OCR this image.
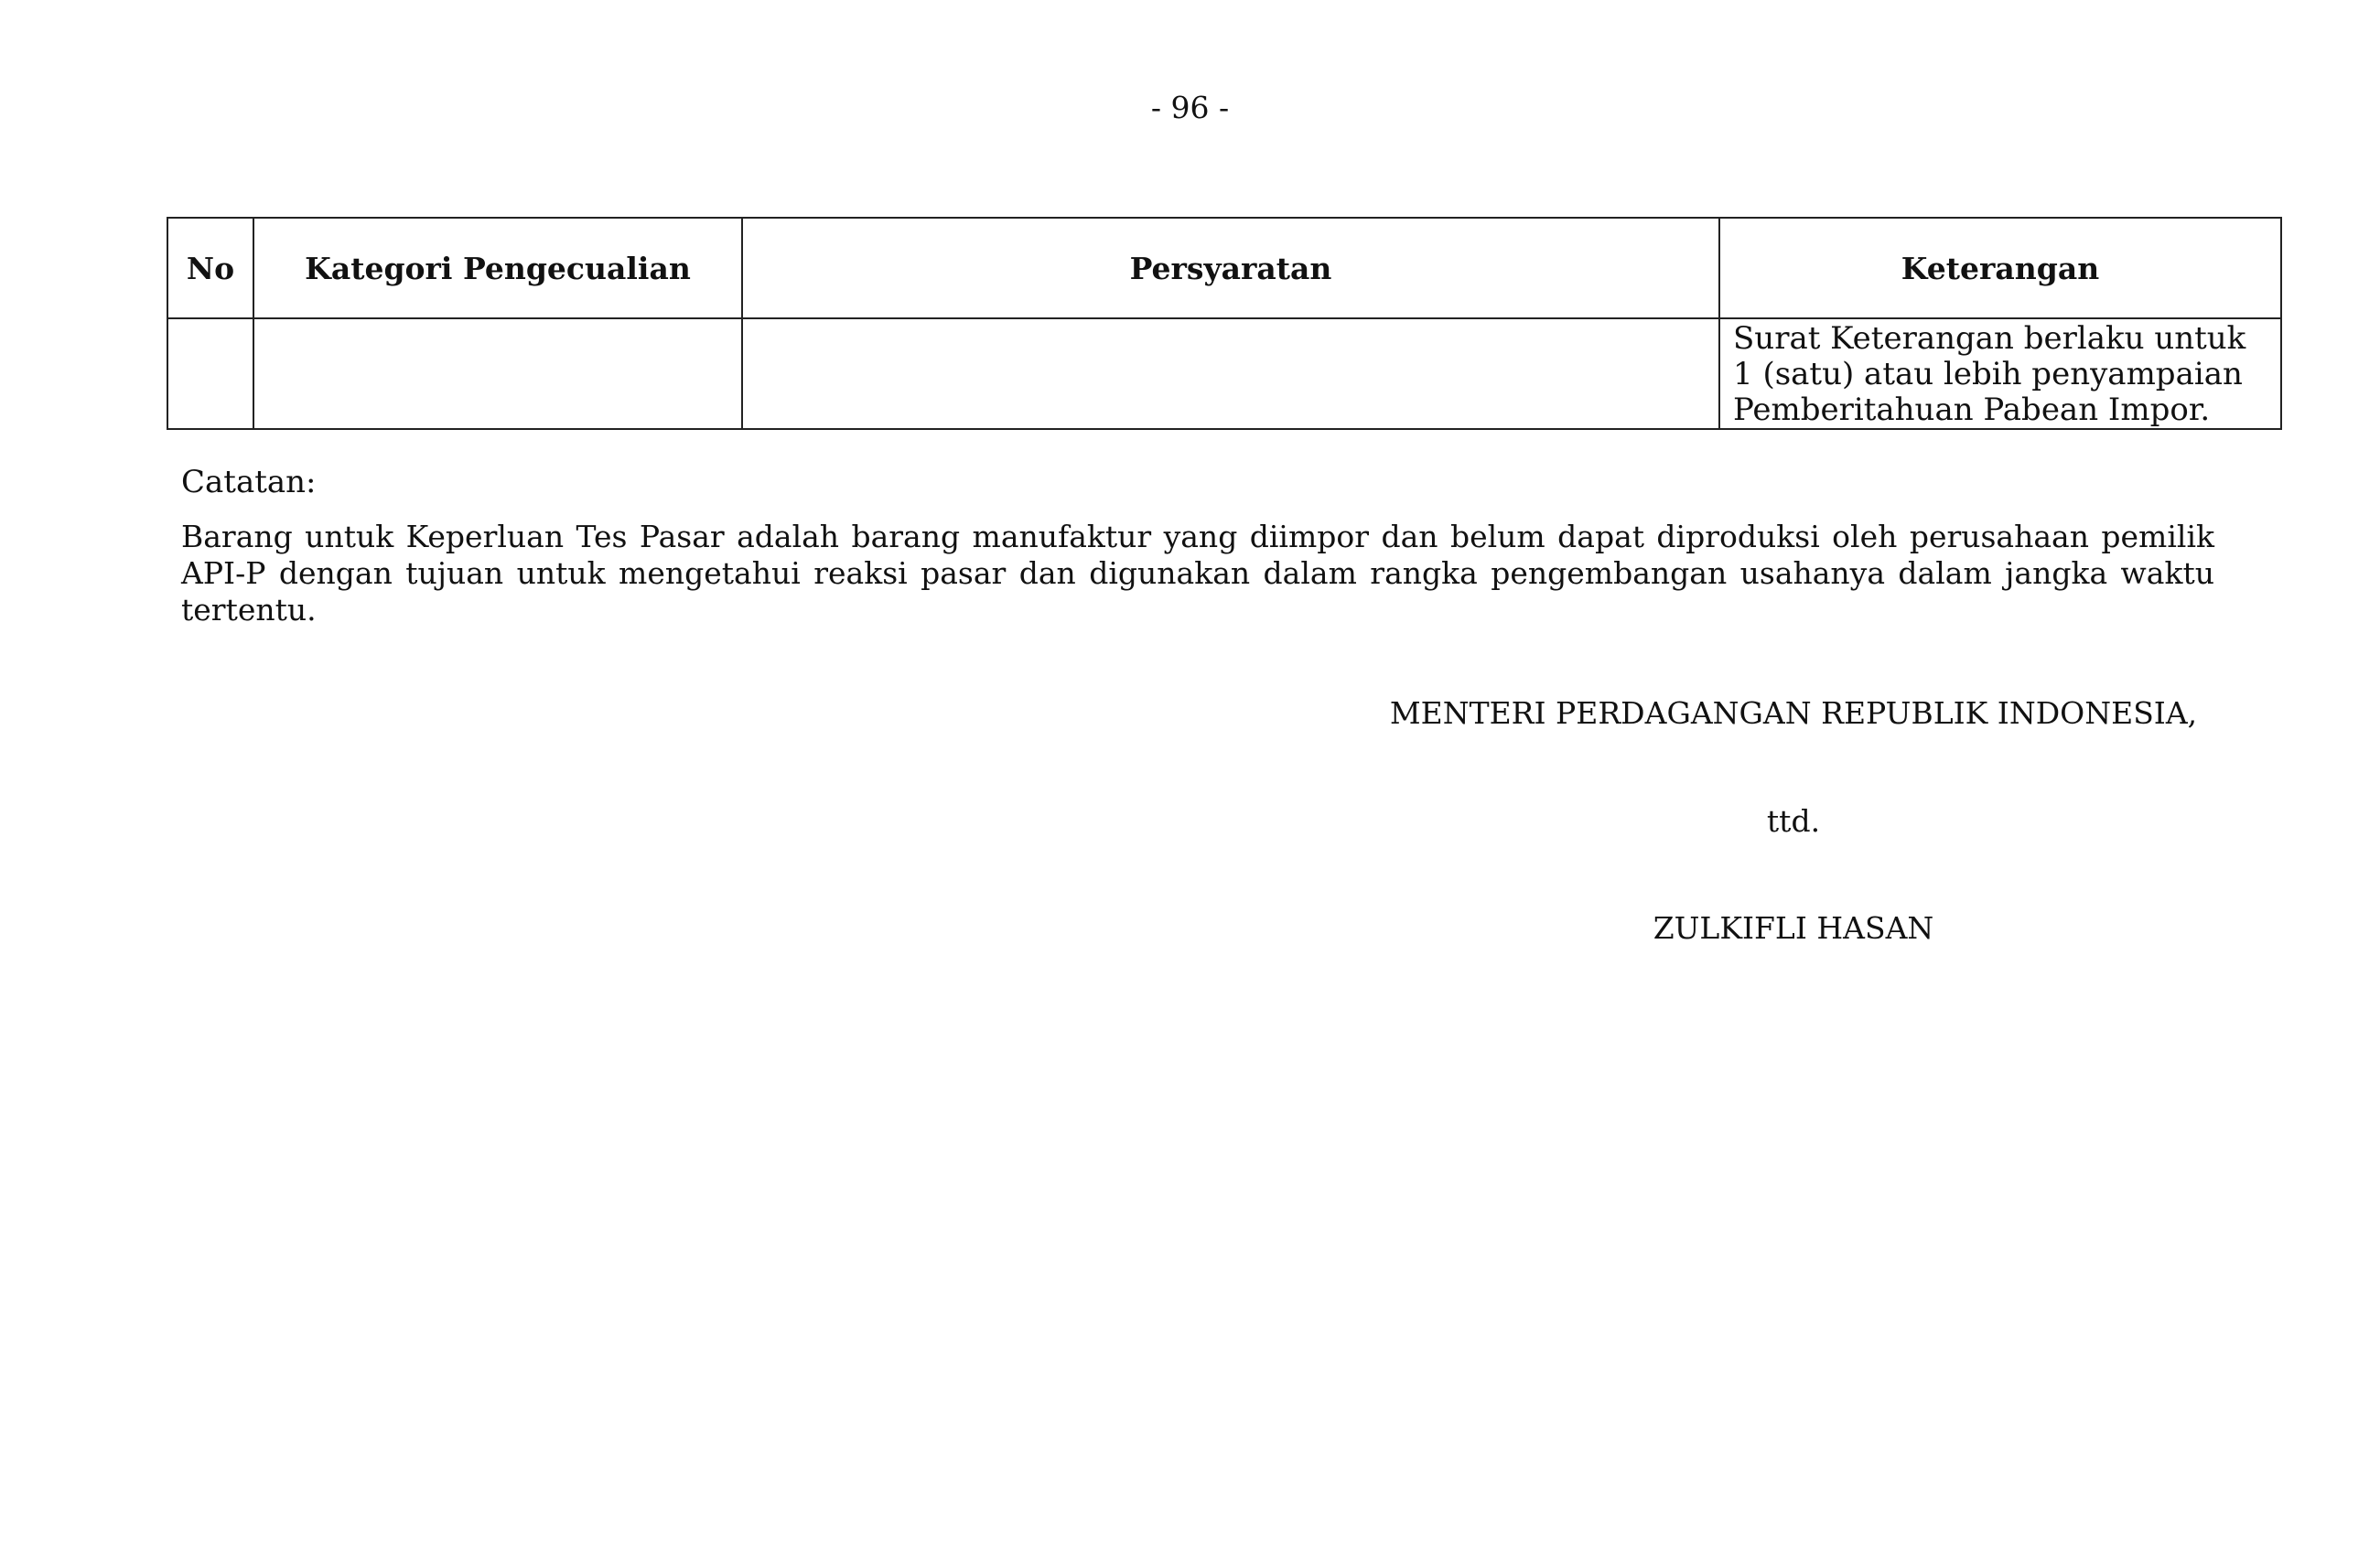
- 96 -
No	Kategori Pengecualian	Persyaratan	Keterangan
			Surat Keterangan berlaku untuk 1 (satu) atau lebih penyampaian Pemberitahuan Pabean Impor.
Catatan:
Barang untuk Keperluan Tes Pasar adalah barang manufaktur yang diimpor dan belum dapat diproduksi oleh perusahaan pemilik API-P dengan tujuan untuk mengetahui reaksi pasar dan digunakan dalam rangka pengembangan usahanya dalam jangka waktu tertentu.
MENTERI PERDAGANGAN REPUBLIK INDONESIA,
ttd.
ZULKIFLI HASAN
